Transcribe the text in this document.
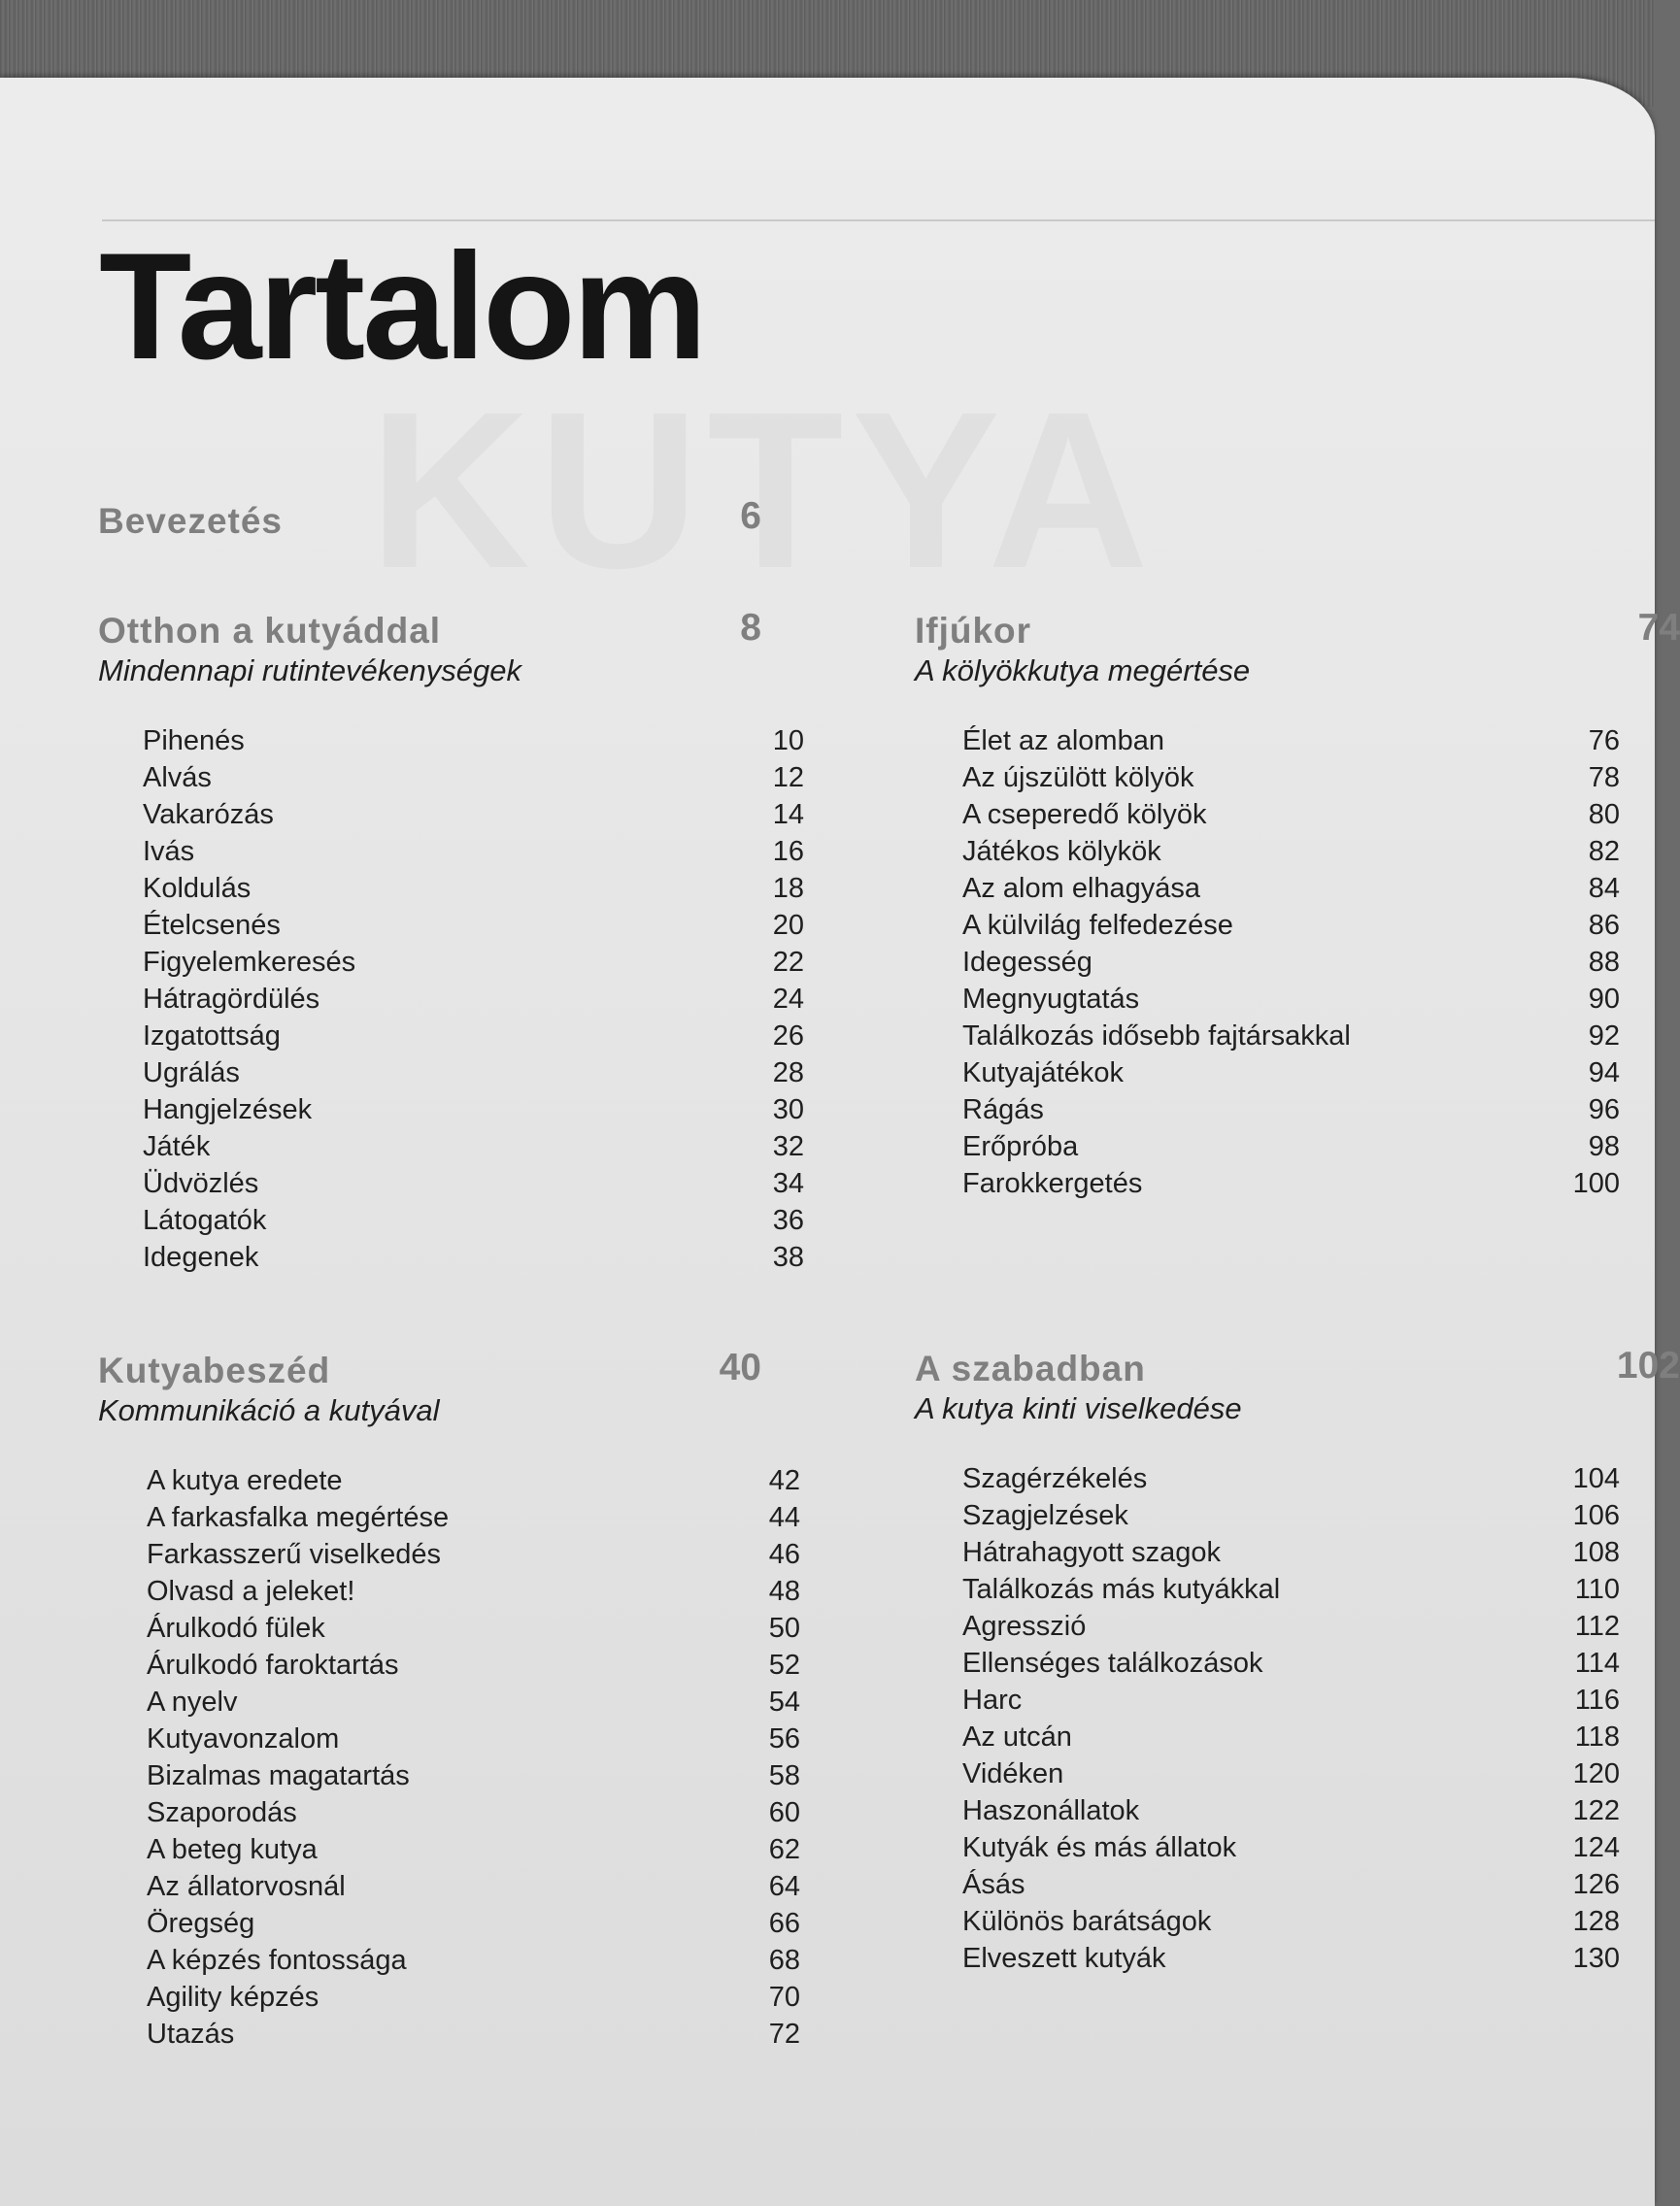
Tartalom
Bevezetés	6
Otthon a kutyáddal	8
Mindennapi rutintevékenységek
Pihenés	10
Alvás	12
Vakarózás	14
Ivás	16
Koldulás	18
Ételcsenés	20
Figyelemkeresés	22
Hátragördülés	24
Izgatottság	26
Ugrálás	28
Hangjelzések	30
Játék	32
Üdvözlés	34
Látogatók	36
Idegenek	38
Ifjúkor	74
A kölyökkutya megértése
Élet az alomban	76
Az újszülött kölyök	78
A cseperedő kölyök	80
Játékos kölykök	82
Az alom elhagyása	84
A külvilág felfedezése	86
Idegesség	88
Megnyugtatás	90
Találkozás idősebb fajtársakkal	92
Kutyajátékok	94
Rágás	96
Erőpróba	98
Farokkergetés	100
Kutyabeszéd	40
Kommunikáció a kutyával
A kutya eredete	42
A farkasfalka megértése	44
Farkasszerű viselkedés	46
Olvasd a jeleket!	48
Árulkodó fülek	50
Árulkodó faroktartás	52
A nyelv	54
Kutyavonzalom	56
Bizalmas magatartás	58
Szaporodás	60
A beteg kutya	62
Az állatorvosnál	64
Öregség	66
A képzés fontossága	68
Agility képzés	70
Utazás	72
A szabadban	102
A kutya kinti viselkedése
Szagérzékelés	104
Szagjelzések	106
Hátrahagyott szagok	108
Találkozás más kutyákkal	110
Agresszió	112
Ellenséges találkozások	114
Harc	116
Az utcán	118
Vidéken	120
Haszonállatok	122
Kutyák és más állatok	124
Ásás	126
Különös barátságok	128
Elveszett kutyák	130
